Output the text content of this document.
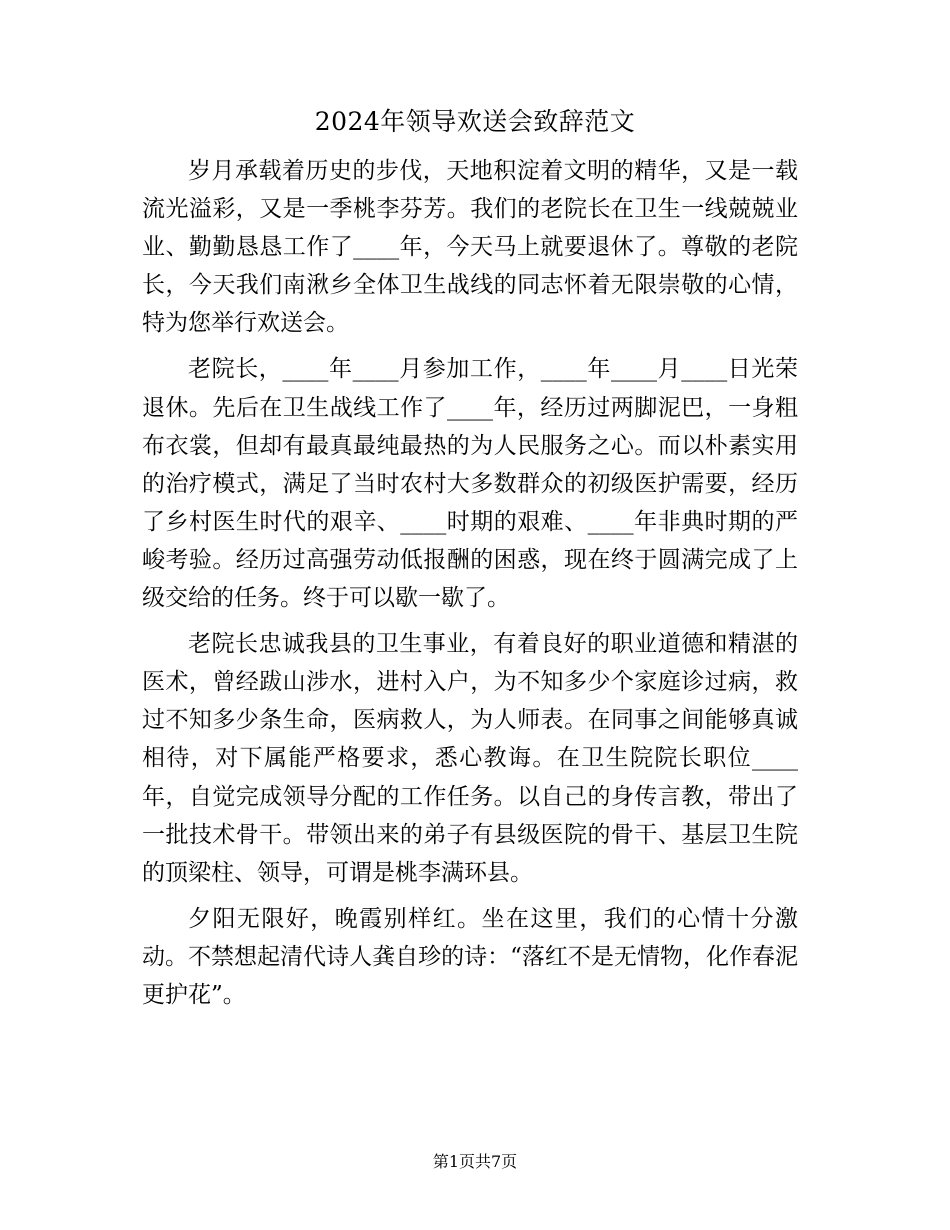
2024年领导欢送会致辞范文

岁月承载着历史的步伐，天地积淀着文明的精华，又是一载流光溢彩，又是一季桃李芬芳。我们的老院长在卫生一线兢兢业业、勤勤恳恳工作了____年，今天马上就要退休了。尊敬的老院长，今天我们南湫乡全体卫生战线的同志怀着无限崇敬的心情，特为您举行欢送会。

老院长，____年____月参加工作，____年____月____日光荣退休。先后在卫生战线工作了____年，经历过两脚泥巴，一身粗布衣裳，但却有最真最纯最热的为人民服务之心。而以朴素实用的治疗模式，满足了当时农村大多数群众的初级医护需要，经历了乡村医生时代的艰辛、____时期的艰难、____年非典时期的严峻考验。经历过高强劳动低报酬的困惑，现在终于圆满完成了上级交给的任务。终于可以歇一歇了。

老院长忠诚我县的卫生事业，有着良好的职业道德和精湛的医术，曾经跋山涉水，进村入户，为不知多少个家庭诊过病，救过不知多少条生命，医病救人，为人师表。在同事之间能够真诚相待，对下属能严格要求，悉心教诲。在卫生院院长职位____年，自觉完成领导分配的工作任务。以自己的身传言教，带出了一批技术骨干。带领出来的弟子有县级医院的骨干、基层卫生院的顶梁柱、领导，可谓是桃李满环县。

夕阳无限好，晚霞别样红。坐在这里，我们的心情十分激动。不禁想起清代诗人龚自珍的诗：“落红不是无情物，化作春泥更护花”。

第1页共7页
